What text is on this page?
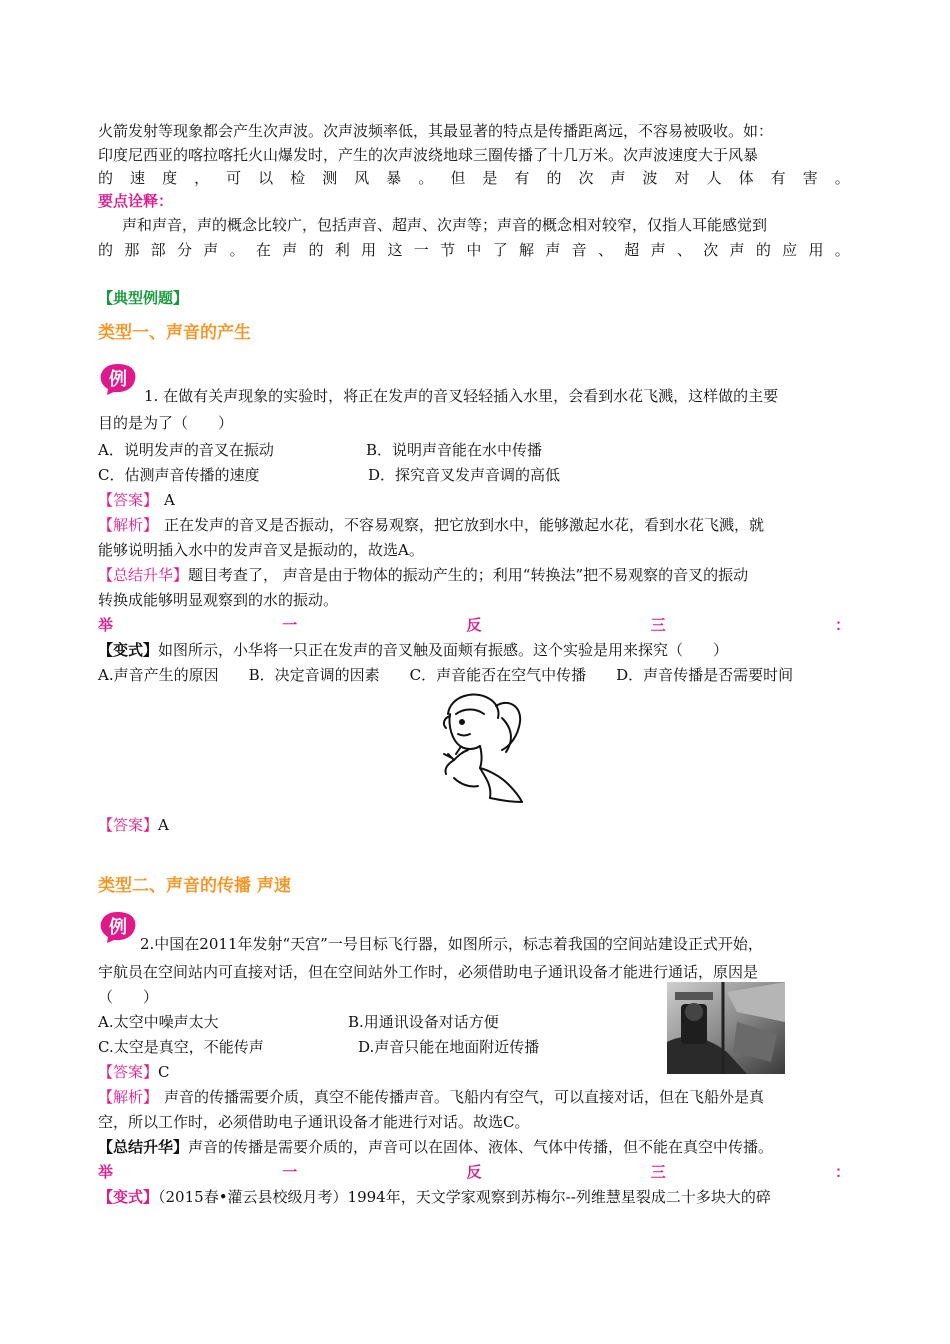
火箭发射等现象都会产生次声波。次声波频率低，其最显著的特点是传播距离远，不容易被吸收。如：
印度尼西亚的喀拉喀托火山爆发时，产生的次声波绕地球三圈传播了十几万米。次声波速度大于风暴
的 速 度 ， 可 以 检 测 风 暴 。 但 是 有 的 次 声 波 对 人 体 有 害 。
要点诠释：
声和声音，声的概念比较广，包括声音、超声、次声等；声音的概念相对较窄，仅指人耳能感觉到
的 那 部 分 声 。 在 声 的 利 用 这 一 节 中 了 解 声 音 、 超 声 、 次 声 的 应 用 。
【典型例题】
类型一、声音的产生
例
1. 在做有关声现象的实验时，将正在发声的音叉轻轻插入水里，会看到水花飞溅，这样做的主要
目的是为了（　　）
A．说明发声的音叉在振动	B．说明声音能在水中传播
C．估测声音传播的速度	D．探究音叉发声音调的高低
【答案】 A
【解析】 正在发声的音叉是否振动，不容易观察，把它放到水中，能够激起水花，看到水花飞溅，就
能够说明插入水中的发声音叉是振动的，故选A。
【总结升华】题目考查了， 声音是由于物体的振动产生的；利用“转换法”把不易观察的音叉的振动
转换成能够明显观察到的水的振动。
举	一	反	三	：
【变式】如图所示，小华将一只正在发声的音叉触及面颊有振感。这个实验是用来探究（　　）
A.声音产生的原因　　B．决定音调的因素　　C．声音能否在空气中传播　　D．声音传播是否需要时间
【答案】A
类型二、声音的传播 声速
例
2.中国在2011年发射“天宫”一号目标飞行器，如图所示，标志着我国的空间站建设正式开始，
宇航员在空间站内可直接对话，但在空间站外工作时，必须借助电子通讯设备才能进行通话，原因是
（　　）
A.太空中噪声太大	B.用通讯设备对话方便
C.太空是真空，不能传声	D.声音只能在地面附近传播
【答案】C
【解析】 声音的传播需要介质，真空不能传播声音。飞船内有空气，可以直接对话，但在飞船外是真
空，所以工作时，必须借助电子通讯设备才能进行对话。故选C。
【总结升华】声音的传播是需要介质的，声音可以在固体、液体、气体中传播，但不能在真空中传播。
举	一	反	三	：
【变式】（2015春•灌云县校级月考）1994年，天文学家观察到苏梅尔--列维慧星裂成二十多块大的碎
